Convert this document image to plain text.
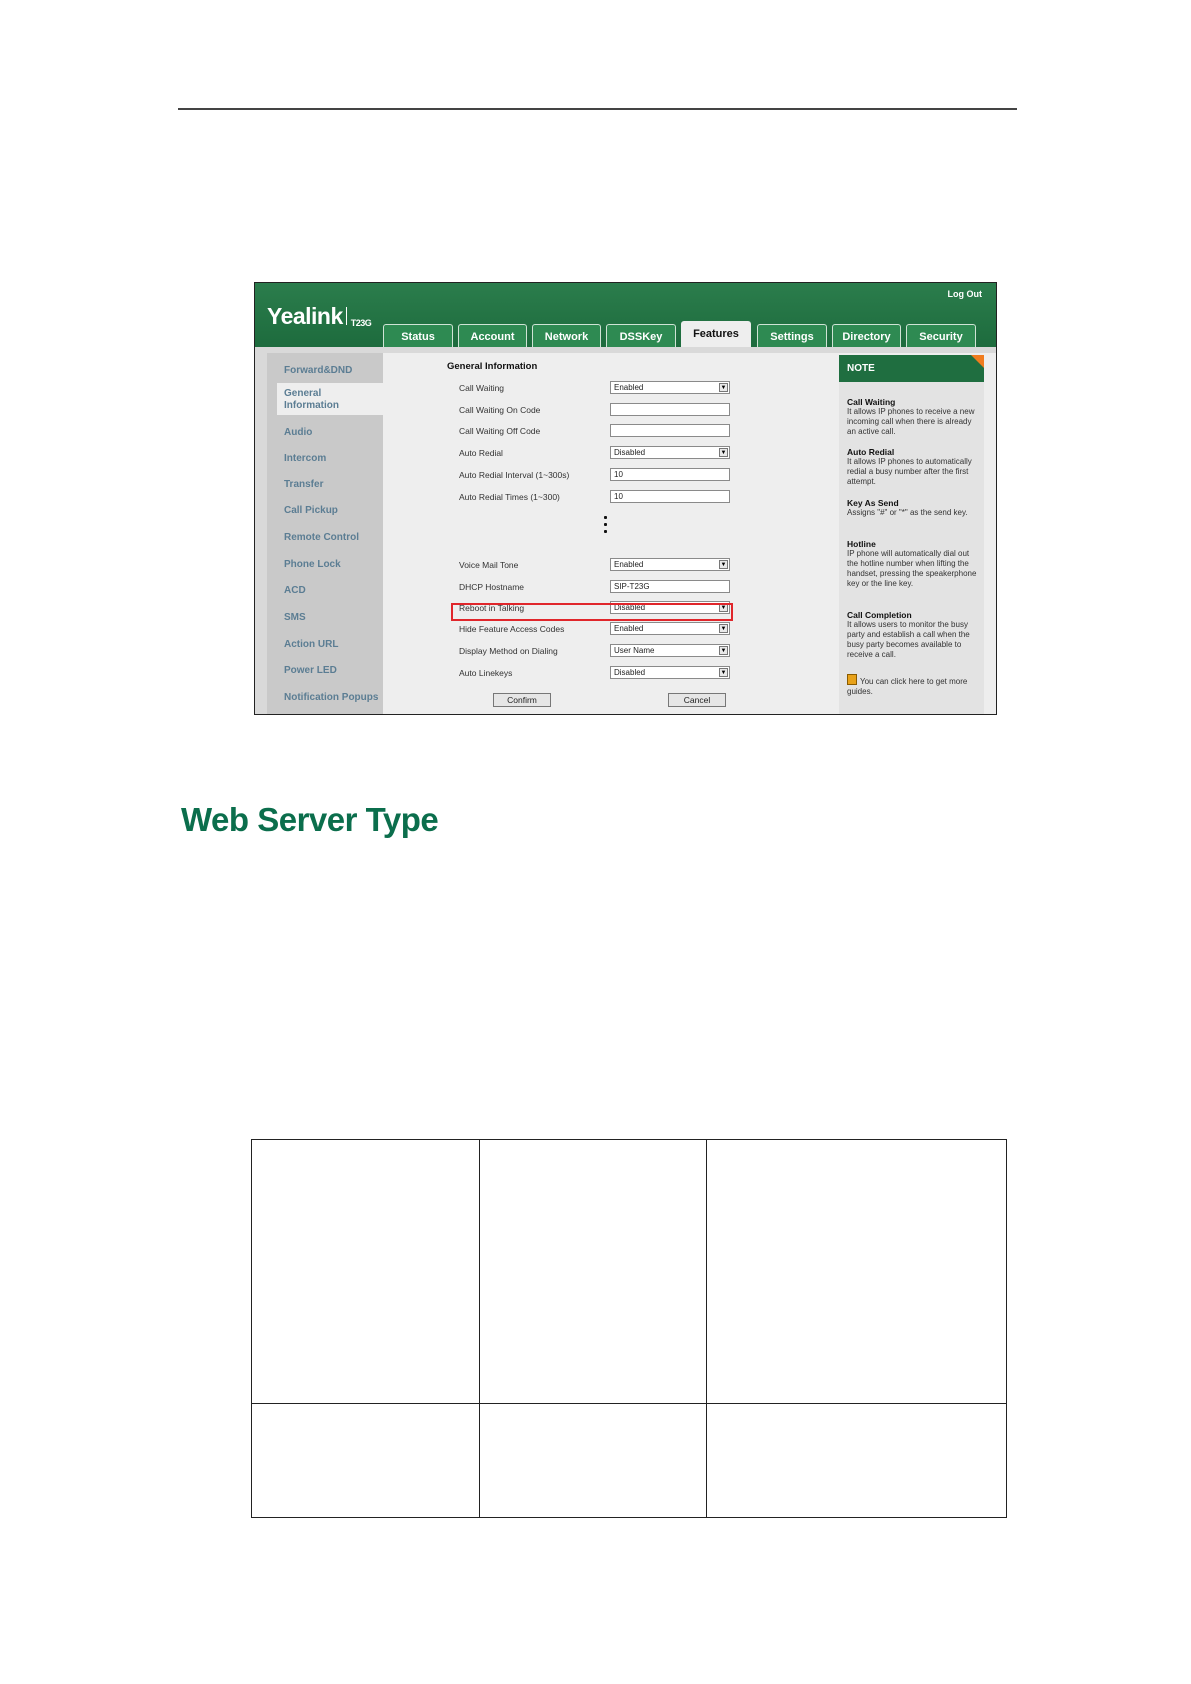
Yealink T23G
Log Out
Status	Account	Network	DSSKey	Features	Settings	Directory	Security
Forward&DND
General
Information
Audio
Intercom
Transfer
Call Pickup
Remote Control
Phone Lock
ACD
SMS
Action URL
Power LED
Notification Popups
General Information
Call Waiting	Enabled	▼
Call Waiting On Code
Call Waiting Off Code
Auto Redial	Disabled	▼
Auto Redial Interval (1~300s)	10
Auto Redial Times (1~300)	10
Voice Mail Tone	Enabled	▼
DHCP Hostname	SIP-T23G
Reboot in Talking	Disabled	▼
Hide Feature Access Codes	Enabled	▼
Display Method on Dialing	User Name	▼
Auto Linekeys	Disabled	▼
Confirm	Cancel
NOTE
Call Waiting
It allows IP phones to receive a new incoming call when there is already an active call.
Auto Redial
It allows IP phones to automatically redial a busy number after the first attempt.
Key As Send
Assigns "#" or "*" as the send key.
Hotline
IP phone will automatically dial out the hotline number when lifting the handset, pressing the speakerphone key or the line key.
Call Completion
It allows users to monitor the busy party and establish a call when the busy party becomes available to receive a call.
You can click here to get more guides.
Web Server Type
